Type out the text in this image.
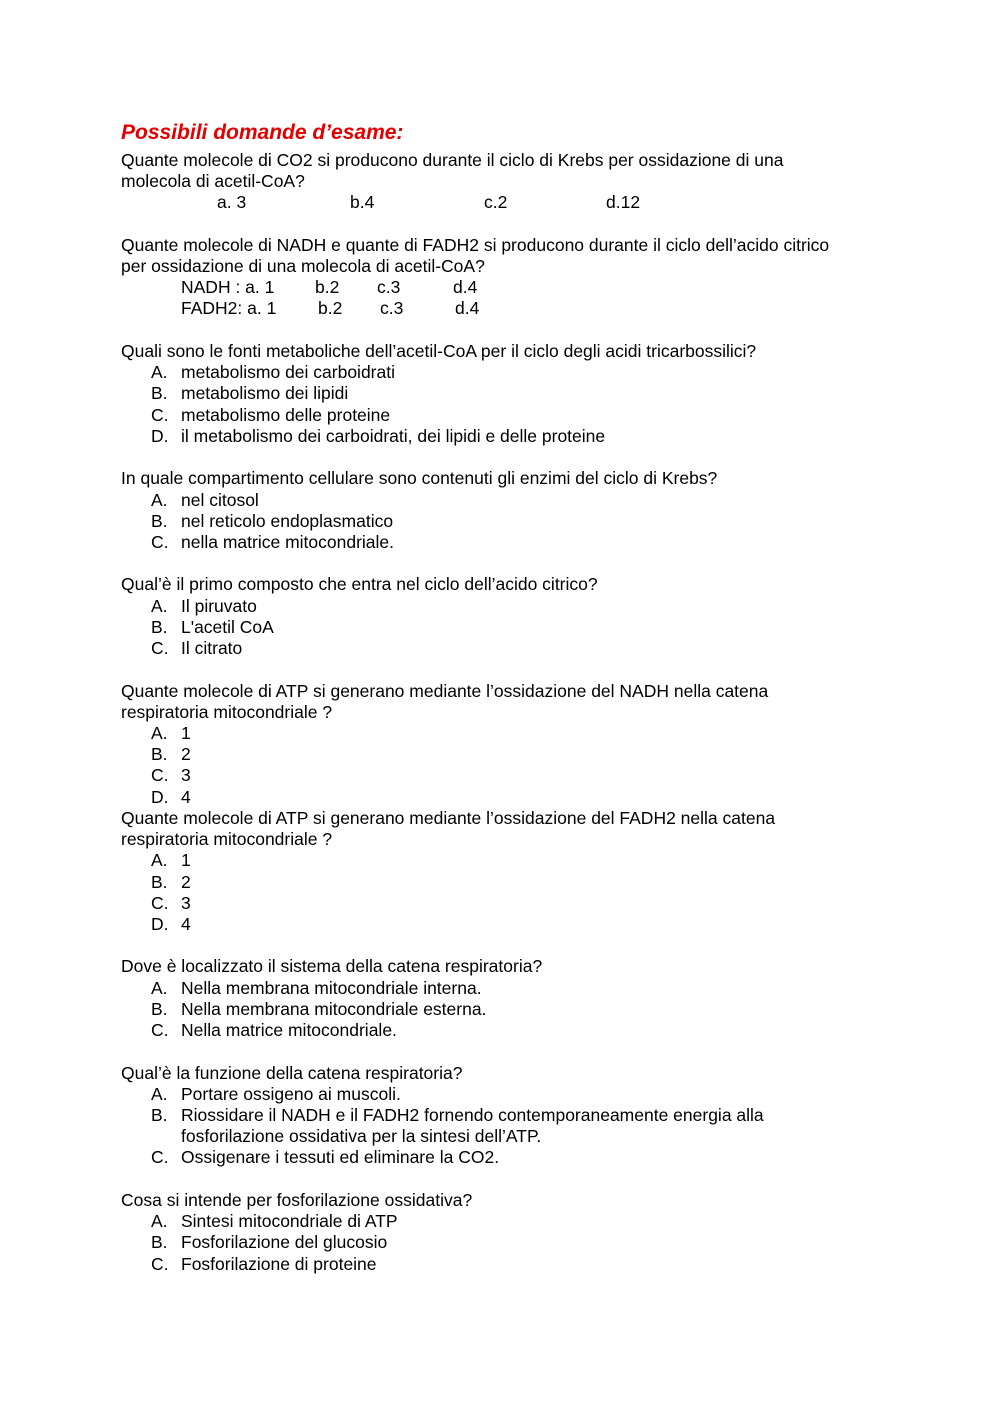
Possibili domande d’esame:
Quante molecole di CO2 si producono durante il ciclo di Krebs per ossidazione di una
molecola di acetil-CoA?
a. 3	b.4	c.2	d.12
Quante molecole di NADH e quante di FADH2 si producono durante il ciclo dell’acido citrico
per ossidazione di una molecola di acetil-CoA?
NADH : a. 1 b.2 c.3	d.4
FADH2: a. 1 b.2 c.3	d.4
Quali sono le fonti metaboliche dell’acetil-CoA per il ciclo degli acidi tricarbossilici?
A. metabolismo dei carboidrati
B. metabolismo dei lipidi
C. metabolismo delle proteine
D. il metabolismo dei carboidrati, dei lipidi e delle proteine
In quale compartimento cellulare sono contenuti gli enzimi del ciclo di Krebs?
A. nel citosol
B. nel reticolo endoplasmatico
C. nella matrice mitocondriale.
Qual’è il primo composto che entra nel ciclo dell’acido citrico?
A. Il piruvato
B. L'acetil CoA
C. Il citrato
Quante molecole di ATP si generano mediante l’ossidazione del NADH nella catena
respiratoria mitocondriale ?
A. 1
B. 2
C. 3
D. 4
Quante molecole di ATP si generano mediante l’ossidazione del FADH2 nella catena
respiratoria mitocondriale ?
A. 1
B. 2
C. 3
D. 4
Dove è localizzato il sistema della catena respiratoria?
A. Nella membrana mitocondriale interna.
B. Nella membrana mitocondriale esterna.
C. Nella matrice mitocondriale.
Qual’è la funzione della catena respiratoria?
A. Portare ossigeno ai muscoli.
B. Riossidare il NADH e il FADH2 fornendo contemporaneamente energia alla
fosforilazione ossidativa per la sintesi dell’ATP.
C. Ossigenare i tessuti ed eliminare la CO2.
Cosa si intende per fosforilazione ossidativa?
A. Sintesi mitocondriale di ATP
B. Fosforilazione del glucosio
C. Fosforilazione di proteine
